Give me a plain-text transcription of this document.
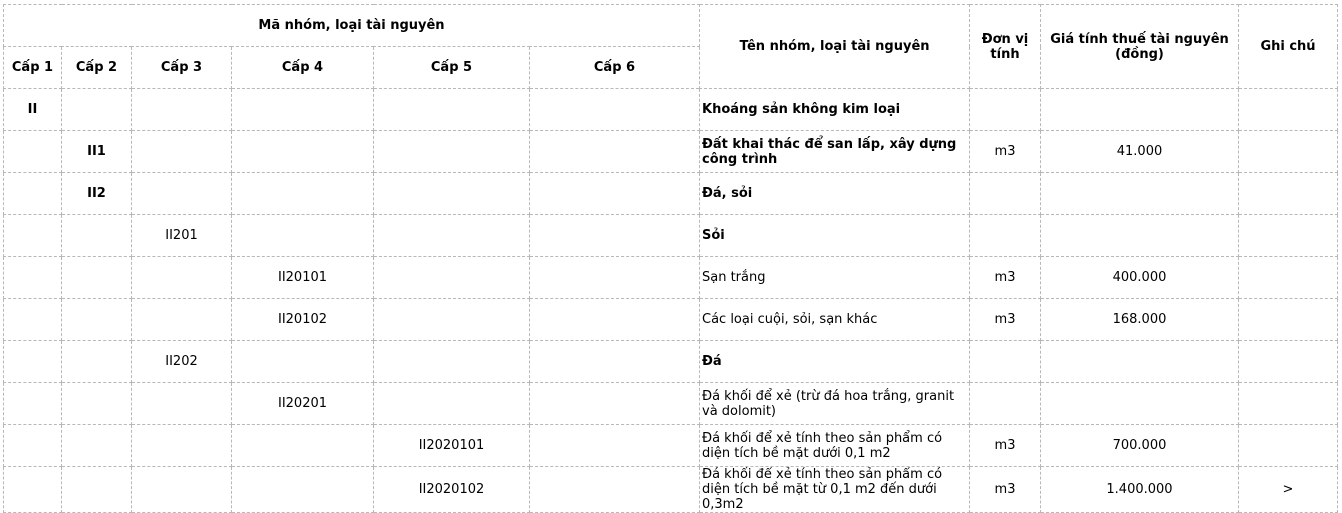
Mã nhóm, loại tài nguyên						Tên nhóm, loại tài nguyên	Đơn vị tính	Giá tính thuế tài nguyên (đồng)	Ghi chú
Cấp 1	Cấp 2	Cấp 3	Cấp 4	Cấp 5	Cấp 6				
II						Khoáng sản không kim loại			
	II1					Đất khai thác để san lấp, xây dựng công trình	m3	41.000	
	II2					Đá, sỏi			
		II201				Sỏi			
			II20101			Sạn trắng	m3	400.000	
			II20102			Các loại cuội, sỏi, sạn khác	m3	168.000	
		II202				Đá			
			II20201			Đá khối để xẻ (trừ đá hoa trắng, granit và dolomit)			
				II2020101		Đá khối để xẻ tính theo sản phẩm có diện tích bề mặt dưới 0,1 m2	m3	700.000	
				II2020102		Đá khối để xẻ tính theo sản phẩm có diện tích bề mặt từ 0,1 m2 đến dưới 0,3m2	m3	1.400.000	>
